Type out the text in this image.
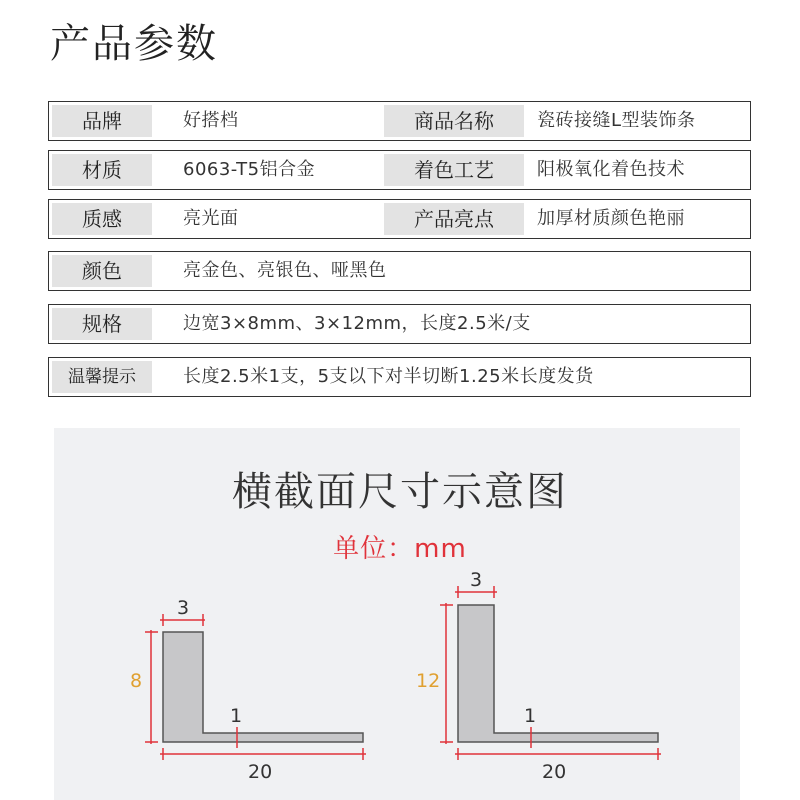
产品参数
品牌	好搭档	商品名称	瓷砖接缝L型装饰条
材质	6063-T5铝合金	着色工艺	阳极氧化着色技术
质感	亮光面	产品亮点	加厚材质颜色艳丽
颜色	亮金色、亮银色、哑黑色
规格	边宽3×8mm、3×12mm，长度2.5米/支
温馨提示	长度2.5米1支，5支以下对半切断1.25米长度发货
横截面尺寸示意图
单位：mm
3
8
1
20
3
12
1
20
